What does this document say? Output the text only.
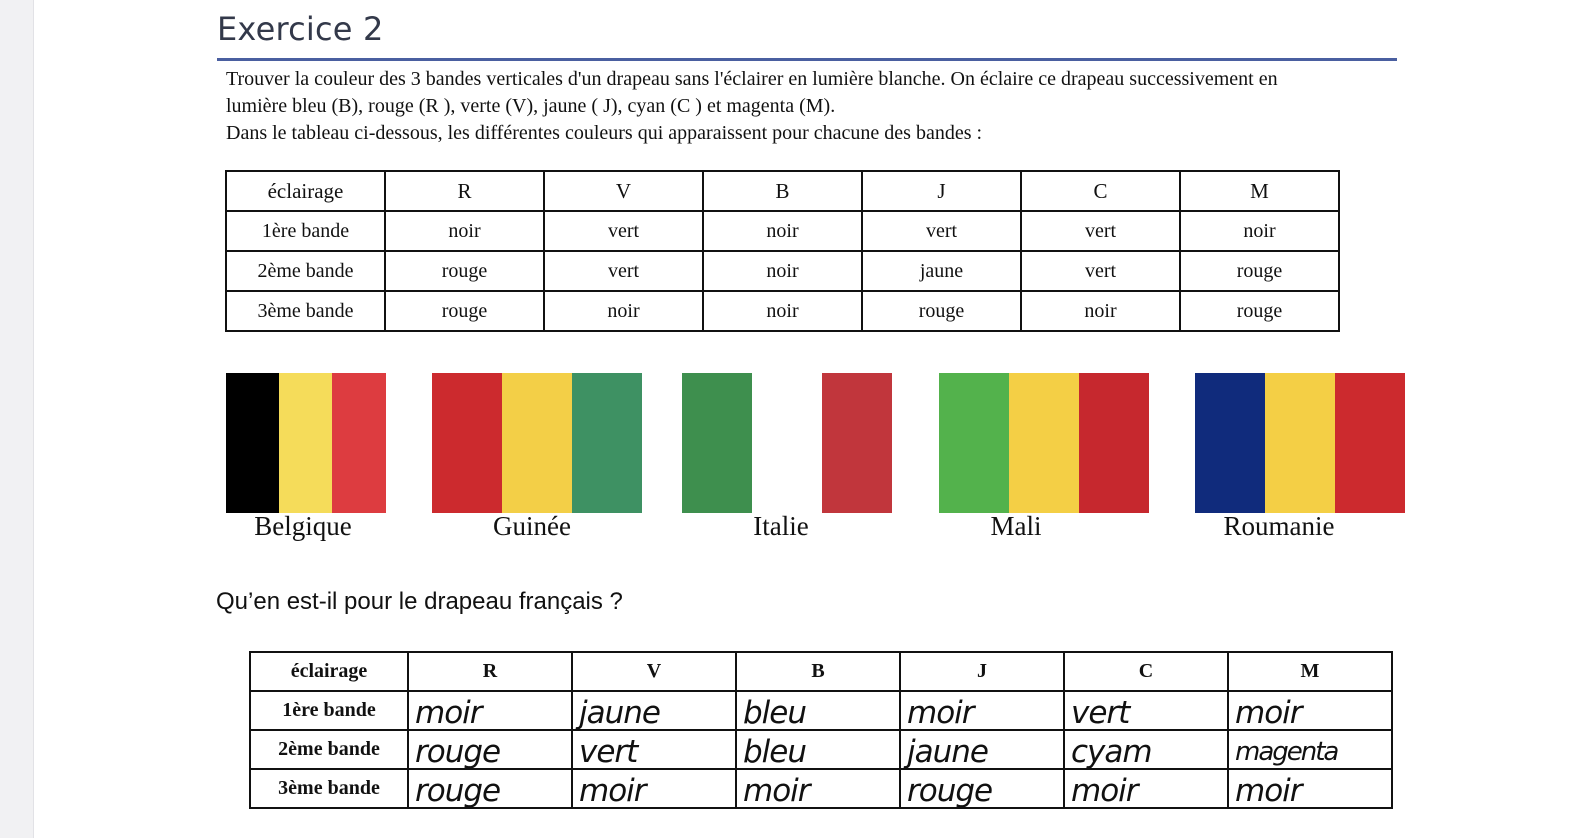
Exercice 2

Trouver la couleur des 3 bandes verticales d'un drapeau sans l'éclairer en lumière blanche. On éclaire ce drapeau successivement en

lumière bleu (B), rouge (R ), verte (V), jaune ( J), cyan (C ) et magenta (M).

Dans le tableau ci-dessous, les différentes couleurs qui apparaissent pour chacune des bandes :

éclairage	R	V	B	J	C	M
1ère bande	noir	vert	noir	vert	vert	noir
2ème bande	rouge	vert	noir	jaune	vert	rouge
3ème bande	rouge	noir	noir	rouge	noir	rouge
Belgique	Guinée	Italie	Mali	Roumanie
Qu’en est-il pour le drapeau français ?
éclairage	R	V	B	J	C	M
1ère bande	moir	jaune	bleu	moir	vert	moir
2ème bande	rouge	vert	bleu	jaune	cyam	magenta
3ème bande	rouge	moir	moir	rouge	moir	moir
